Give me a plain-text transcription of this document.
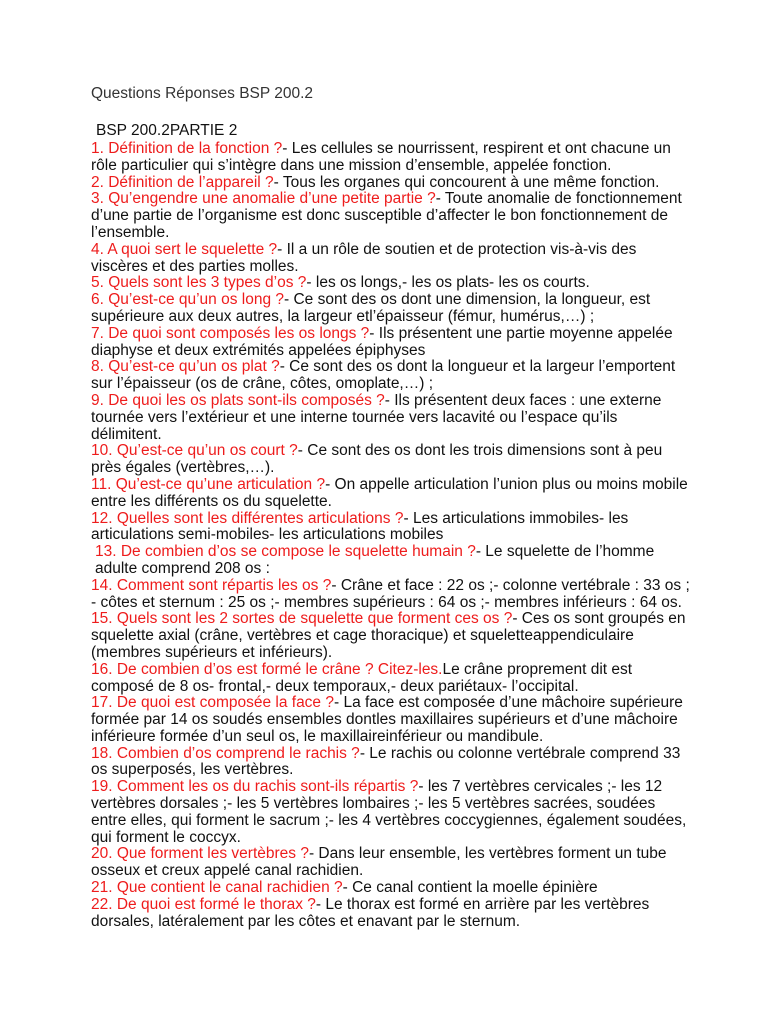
Questions Réponses BSP 200.2
BSP 200.2PARTIE 2

1. Définition de la fonction ?- Les cellules se nourrissent, respirent et ont chacune un rôle particulier qui s’intègre dans une mission d’ensemble, appelée fonction.

2. Définition de l’appareil ?- Tous les organes qui concourent à une même fonction.

3. Qu’engendre une anomalie d’une petite partie ?- Toute anomalie de fonctionnement d’une partie de l’organisme est donc susceptible d’affecter le bon fonctionnement de l’ensemble.

4. A quoi sert le squelette ?- Il a un rôle de soutien et de protection vis-à-vis des viscères et des parties molles.

5. Quels sont les 3 types d’os ?- les os longs,- les os plats- les os courts.

6. Qu’est-ce qu’un os long ?- Ce sont des os dont une dimension, la longueur, est supérieure aux deux autres, la largeur etl’épaisseur (fémur, humérus,…) ;

7. De quoi sont composés les os longs ?- Ils présentent une partie moyenne appelée diaphyse et deux extrémités appelées épiphyses

8. Qu’est-ce qu’un os plat ?- Ce sont des os dont la longueur et la largeur l’emportent sur l’épaisseur (os de crâne, côtes, omoplate,…) ;

9. De quoi les os plats sont-ils composés ?- Ils présentent deux faces : une externe tournée vers l’extérieur et une interne tournée vers lacavité ou l’espace qu’ils délimitent.

10. Qu’est-ce qu’un os court ?- Ce sont des os dont les trois dimensions sont à peu près égales (vertèbres,…).

11. Qu’est-ce qu’une articulation ?- On appelle articulation l’union plus ou moins mobile entre les différents os du squelette.

12. Quelles sont les différentes articulations ?- Les articulations immobiles- les articulations semi-mobiles- les articulations mobiles

13. De combien d’os se compose le squelette humain ?- Le squelette de l’homme adulte comprend 208 os :

14. Comment sont répartis les os ?- Crâne et face : 22 os ;- colonne vertébrale : 33 os ; - côtes et sternum : 25 os ;- membres supérieurs : 64 os ;- membres inférieurs : 64 os.

15. Quels sont les 2 sortes de squelette que forment ces os ?- Ces os sont groupés en squelette axial (crâne, vertèbres et cage thoracique) et squeletteappendiculaire (membres supérieurs et inférieurs).

16. De combien d’os est formé le crâne ? Citez-les.Le crâne proprement dit est composé de 8 os- frontal,- deux temporaux,- deux pariétaux- l’occipital.

17. De quoi est composée la face ?- La face est composée d’une mâchoire supérieure formée par 14 os soudés ensembles dontles maxillaires supérieurs et d’une mâchoire inférieure formée d’un seul os, le maxillaireinférieur ou mandibule.

18. Combien d’os comprend le rachis ?- Le rachis ou colonne vertébrale comprend 33 os superposés, les vertèbres.

19. Comment les os du rachis sont-ils répartis ?- les 7 vertèbres cervicales ;- les 12 vertèbres dorsales ;- les 5 vertèbres lombaires ;- les 5 vertèbres sacrées, soudées entre elles, qui forment le sacrum ;- les 4 vertèbres coccygiennes, également soudées, qui forment le coccyx.

20. Que forment les vertèbres ?- Dans leur ensemble, les vertèbres forment un tube osseux et creux appelé canal rachidien.

21. Que contient le canal rachidien ?- Ce canal contient la moelle épinière

22. De quoi est formé le thorax ?- Le thorax est formé en arrière par les vertèbres dorsales, latéralement par les côtes et enavant par le sternum.
